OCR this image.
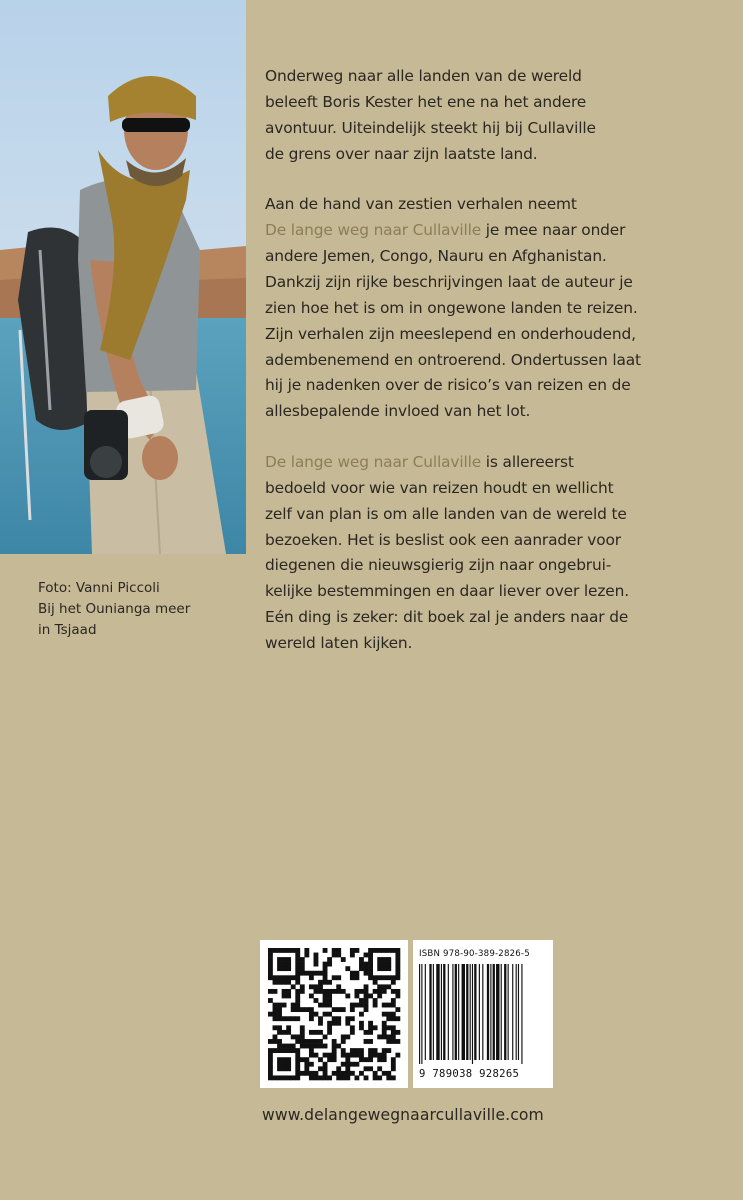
Foto: Vanni Piccoli
Bij het Ounianga meer
in Tsjaad
Onderweg naar alle landen van de wereld
beleeft Boris Kester het ene na het andere
avontuur. Uiteindelijk steekt hij bij Cullaville
de grens over naar zijn laatste land.
Aan de hand van zestien verhalen neemt
De lange weg naar Cullaville je mee naar onder
andere Jemen, Congo, Nauru en Afghanistan.
Dankzij zijn rijke beschrijvingen laat de auteur je
zien hoe het is om in ongewone landen te reizen.
Zijn verhalen zijn meeslepend en onderhoudend,
adembenemend en ontroerend. Ondertussen laat
hij je nadenken over de risico’s van reizen en de
allesbepalende invloed van het lot.
De lange weg naar Cullaville is allereerst
bedoeld voor wie van reizen houdt en wellicht
zelf van plan is om alle landen van de wereld te
bezoeken. Het is beslist ook een aanrader voor
diegenen die nieuwsgierig zijn naar ongebrui-
kelijke bestemmingen en daar liever over lezen.
Eén ding is zeker: dit boek zal je anders naar de
wereld laten kijken.
ISBN 978-90-389-2826-5
9 789038 928265
www.delangewegnaarcullaville.com
